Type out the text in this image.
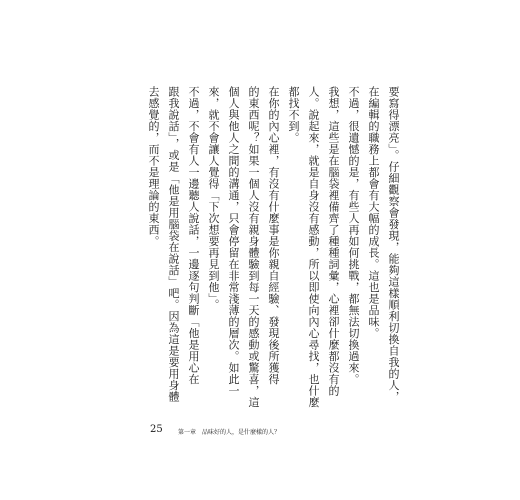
要寫得漂亮」。仔細觀察會發現，能夠這樣順利切換自我的人，
在編輯的職務上都會有大幅的成長。這也是品味。
不過，很遺憾的是，有些人再如何挑戰，都無法切換過來。
我想，這些是在腦袋裡備齊了種種詞彙，心裡卻什麼都沒有的
人。說起來，就是自身沒有感動，所以即使向內心尋找，也什麼
都找不到。
在你的內心裡，有沒有什麼事是你親自經驗、發現後所獲得
的東西呢？如果一個人沒有親身體驗到每一天的感動或驚喜，這
個人與他人之間的溝通，只會停留在非常淺薄的層次。如此一
來，就不會讓人覺得「下次想要再見到他」。
不過，不會有人一邊聽人說話，一邊逐句判斷「他是用心在
跟我說話」，或是「他是用腦袋在說話」吧。因為這是要用身體
去感覺的，而不是理論的東西。
25	第一章　品味好的人，是什麼樣的人？
